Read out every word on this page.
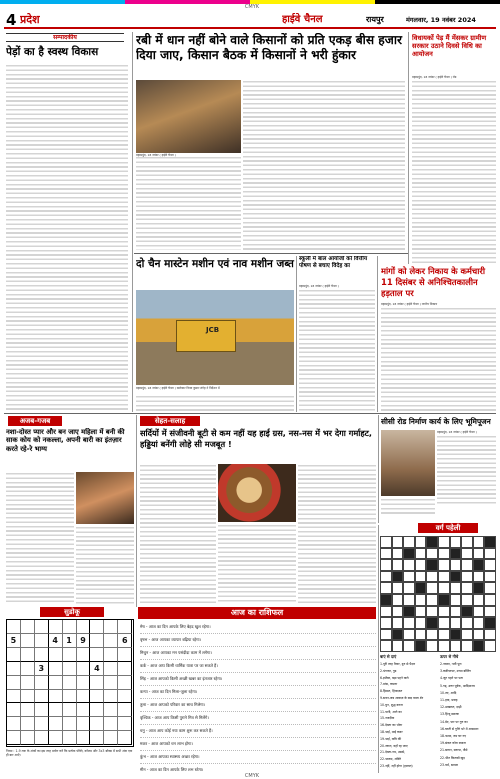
CMYK
4 प्रदेश	हाईवे चैनल	रायपुर	मंगलवार, 19 नवंबर 2024
सम्पादकीय
पेड़ों का है स्वस्थ विकास
रबी में धान नहीं बोने वाले किसानों को प्रति एकड़ बीस हजार दिया जाए, किसान बैठक में किसानों ने भरी हुंकार
महासमुंद, 18 नवंबर ( हाईवे चैनल )
विधायकों पेड़ मैं मेंसकर ग्रामीण सरकार उठाने दिवसे विधि का आयोजन
महासमुंद, 18 नवंबर ( हाईवे चैनल ) रोड
दो चैन मास्टेन मशीन एवं नाव मशीन जब्त
JCB
महासमुंद, 18 नवंबर ( हाईवे चैनल ) कलेक्टर विनय कुमार लंगेह ने निर्देशन में
स्कूली में बाल आयोजों को वित्तीय पोषण से बचाए विदेह का
महासमुंद, 18 नवंबर ( हाईवे चैनल )
मांगों को लेकर निकाय के कर्मचारी 11 दिसंबर से अनिश्चितकालीन हड़ताल पर
महासमुंद, 18 नवंबर ( हाईवे चैनल ) नगरीय निकाय
अजब-गजब
नशा-दोस्त प्यार और बन जाए महिला में बनी की साक कोय को नकल्ला, अपनी बारी का इंतज़ार करते रहे-रे भाग्य
सेहत-सलाह
सर्दियों में संजीवनी बूटी से कम नहीं यह हाई ग्रस, नस-नस में भर देगा गर्माहट, हड्डियां बनेंगी लोहे सी मजबूत !
सीसी रोड निर्माण कार्य के लिए भूमिपूजन
महासमुंद, 18 नवंबर ( हाईवे चैनल )
वर्ग पहेली
सुडोकू
5	4	1	9	6
3	4
नियम : 1-9 तक के अंकों का इस तरह प्रयोग करें कि प्रत्येक पंक्ति, कॉलम और 3x3 बॉक्स में सभी अंक एक ही बार आएँ।
आज का राशिफल
मेष - आज का दिन आपके लिए बेहद खुश रहेगा।
वृषभ - आज आपका व्यापार बढ़िया रहेगा।
मिथुन - आज आपका मन पसंदीदा काम में लगेगा।
कर्क - आज आप किसी धार्मिक यात्रा पर जा सकते हैं।
सिंह - आज आपको किसी अच्छी खबर का इंतजार रहेगा।
कन्या - आज का दिन मिला-जुला रहेगा।
तुला - आज आपको परिवार का साथ मिलेगा।
वृश्चिक - आज आप किसी पुराने मित्र से मिलेंगे।
धनु - आज आप कोई नया काम शुरू कर सकते हैं।
मकर - आज आपको धन लाभ होगा।
कुंभ - आज आपका स्वास्थ्य अच्छा रहेगा।
मीन - आज का दिन आपके लिए शुभ रहेगा।
बाएं से दाएं	ऊपर से नीचे
1.पूरी तरह तैयार, दुरु से पैदार
2.भंगकर, गुड
6.इजैबर, बड़ा पहने वाले
7.मांस, कपारा
8.हिम्मत, हिफाज़त
9.सवन-जब आवाज़ के बाद वाला शेर
10.धुन, शुद्ध करना
11.पानी, आगे का
15.नजदीक
16.देवता का भोगा
18.भाई, माई कवर
19.भाई, कवि की
20.जगल, वहाँ रह जाए
21.देवता-गम, उससे,
22.भालस, शक्ति
23.नहीं, नहीं होगा (हालात)
2.नक्शा, नशी पूरा
3.कवीपरपट, उत्तम बोलिंग
4.जूट पहने पर पता
5.गद्द, उत्तर पूर्वक, आदिमानव
10.तट, आदि
11.हवा, प्रवाह
12.ढाखलत, दाढ़ी
13.हिन्दू स्मारक
14.ग्रेट, पार पर गुरु का
16.घरती से गुणि भरे में आसमान
18.चश्मा, राम घर गए
19.संकट कोरा बचाना
21.सावन, सरूपा, जैसे
22.भीत किताबों खुद
23.धर्म, सम्पन्न
CMYK
